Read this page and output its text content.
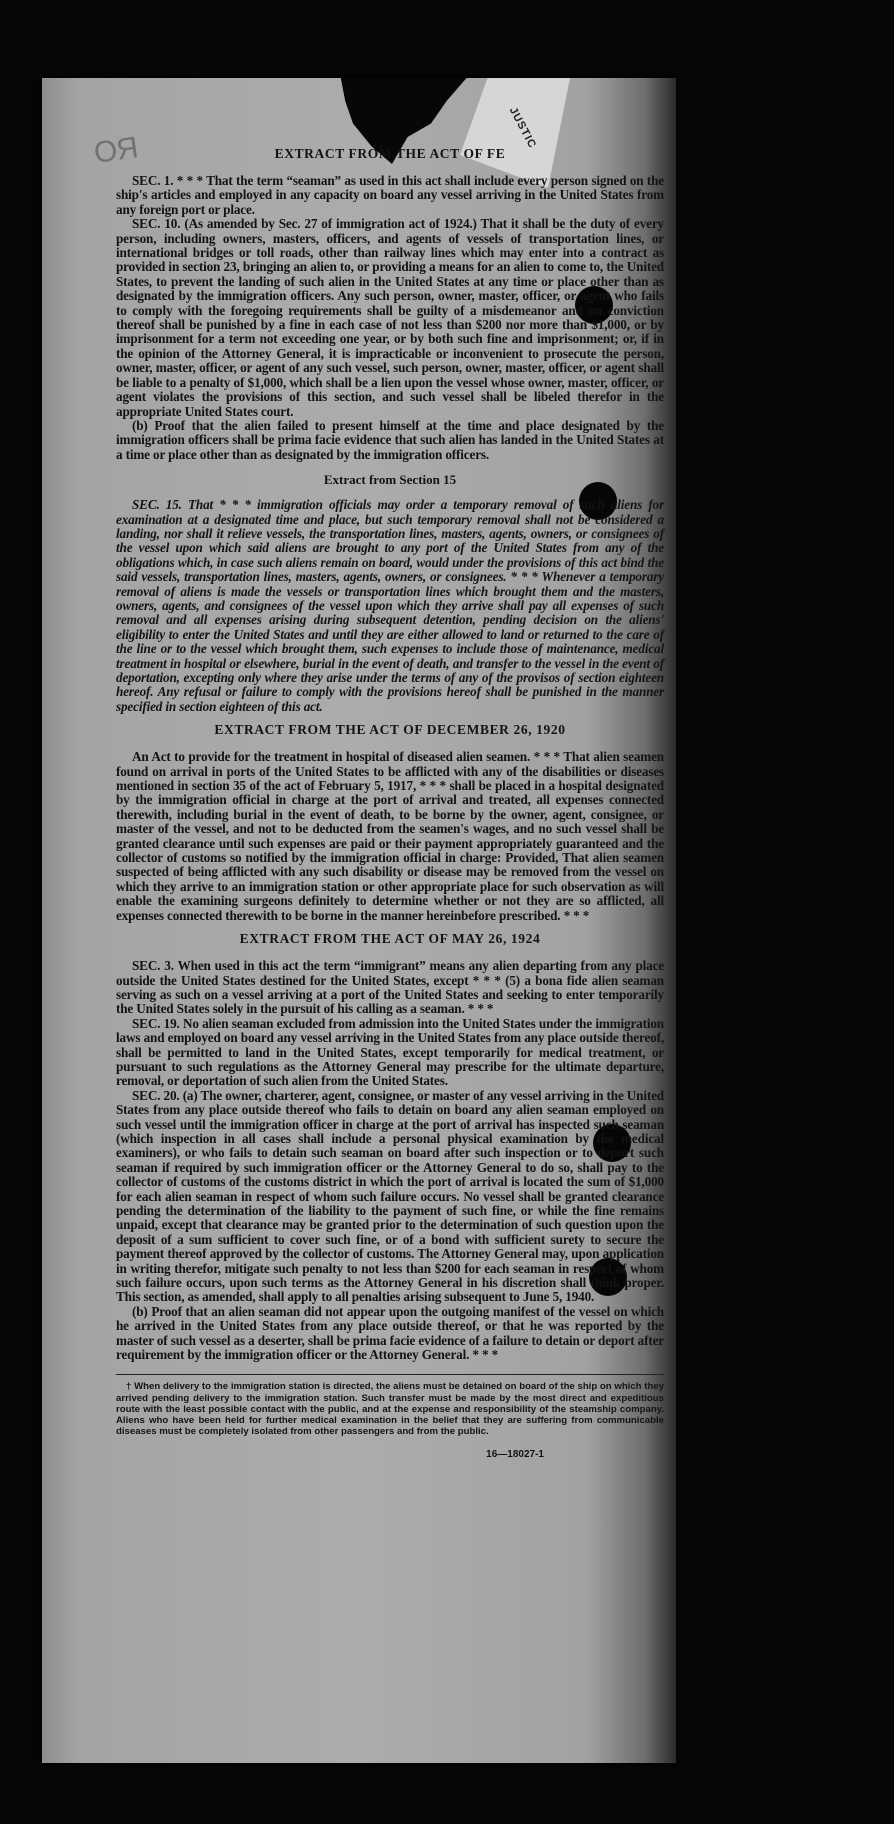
JUSTIC
ОЯ	EXTRACT FROM THE ACT OF FE

SEC. 1. * * * That the term “seaman” as used in this act shall include every person signed on the ship's articles and employed in any capacity on board any vessel arriving in the United States from any foreign port or place.

SEC. 10. (As amended by Sec. 27 of immigration act of 1924.) That it shall be the duty of every person, including owners, masters, officers, and agents of vessels of transportation lines, or international bridges or toll roads, other than railway lines which may enter into a contract as provided in section 23, bringing an alien to, or providing a means for an alien to come to, the United States, to prevent the landing of such alien in the United States at any time or place other than as designated by the immigration officers. Any such person, owner, master, officer, or agent who fails to comply with the foregoing requirements shall be guilty of a misdemeanor and on conviction thereof shall be punished by a fine in each case of not less than $200 nor more than $1,000, or by imprisonment for a term not exceeding one year, or by both such fine and imprisonment; or, if in the opinion of the Attorney General, it is impracticable or inconvenient to prosecute the person, owner, master, officer, or agent of any such vessel, such person, owner, master, officer, or agent shall be liable to a penalty of $1,000, which shall be a lien upon the vessel whose owner, master, officer, or agent violates the provisions of this section, and such vessel shall be libeled therefor in the appropriate United States court.

(b) Proof that the alien failed to present himself at the time and place designated by the immigration officers shall be prima facie evidence that such alien has landed in the United States at a time or place other than as designated by the immigration officers.

Extract from Section 15

SEC. 15. That * * * immigration officials may order a temporary removal of such aliens for examination at a designated time and place, but such temporary removal shall not be considered a landing, nor shall it relieve vessels, the transportation lines, masters, agents, owners, or consignees of the vessel upon which said aliens are brought to any port of the United States from any of the obligations which, in case such aliens remain on board, would under the provisions of this act bind the said vessels, transportation lines, masters, agents, owners, or consignees. * * * Whenever a temporary removal of aliens is made the vessels or transportation lines which brought them and the masters, owners, agents, and consignees of the vessel upon which they arrive shall pay all expenses of such removal and all expenses arising during subsequent detention, pending decision on the aliens' eligibility to enter the United States and until they are either allowed to land or returned to the care of the line or to the vessel which brought them, such expenses to include those of maintenance, medical treatment in hospital or elsewhere, burial in the event of death, and transfer to the vessel in the event of deportation, excepting only where they arise under the terms of any of the provisos of section eighteen hereof. Any refusal or failure to comply with the provisions hereof shall be punished in the manner specified in section eighteen of this act.

EXTRACT FROM THE ACT OF DECEMBER 26, 1920

An Act to provide for the treatment in hospital of diseased alien seamen. * * * That alien seamen found on arrival in ports of the United States to be afflicted with any of the disabilities or diseases mentioned in section 35 of the act of February 5, 1917, * * * shall be placed in a hospital designated by the immigration official in charge at the port of arrival and treated, all expenses connected therewith, including burial in the event of death, to be borne by the owner, agent, consignee, or master of the vessel, and not to be deducted from the seamen's wages, and no such vessel shall be granted clearance until such expenses are paid or their payment appropriately guaranteed and the collector of customs so notified by the immigration official in charge: Provided, That alien seamen suspected of being afflicted with any such disability or disease may be removed from the vessel on which they arrive to an immigration station or other appropriate place for such observation as will enable the examining surgeons definitely to determine whether or not they are so afflicted, all expenses connected therewith to be borne in the manner hereinbefore prescribed. * * *

EXTRACT FROM THE ACT OF MAY 26, 1924

SEC. 3. When used in this act the term “immigrant” means any alien departing from any place outside the United States destined for the United States, except * * * (5) a bona fide alien seaman serving as such on a vessel arriving at a port of the United States and seeking to enter temporarily the United States solely in the pursuit of his calling as a seaman. * * *

SEC. 19. No alien seaman excluded from admission into the United States under the immigration laws and employed on board any vessel arriving in the United States from any place outside thereof, shall be permitted to land in the United States, except temporarily for medical treatment, or pursuant to such regulations as the Attorney General may prescribe for the ultimate departure, removal, or deportation of such alien from the United States.

SEC. 20. (a) The owner, charterer, agent, consignee, or master of any vessel arriving in the United States from any place outside thereof who fails to detain on board any alien seaman employed on such vessel until the immigration officer in charge at the port of arrival has inspected such seaman (which inspection in all cases shall include a personal physical examination by the medical examiners), or who fails to detain such seaman on board after such inspection or to deport such seaman if required by such immigration officer or the Attorney General to do so, shall pay to the collector of customs of the customs district in which the port of arrival is located the sum of $1,000 for each alien seaman in respect of whom such failure occurs. No vessel shall be granted clearance pending the determination of the liability to the payment of such fine, or while the fine remains unpaid, except that clearance may be granted prior to the determination of such question upon the deposit of a sum sufficient to cover such fine, or of a bond with sufficient surety to secure the payment thereof approved by the collector of customs. The Attorney General may, upon application in writing therefor, mitigate such penalty to not less than $200 for each seaman in respect of whom such failure occurs, upon such terms as the Attorney General in his discretion shall think proper. This section, as amended, shall apply to all penalties arising subsequent to June 5, 1940.

(b) Proof that an alien seaman did not appear upon the outgoing manifest of the vessel on which he arrived in the United States from any place outside thereof, or that he was reported by the master of such vessel as a deserter, shall be prima facie evidence of a failure to detain or deport after requirement by the immigration officer or the Attorney General. * * *

† When delivery to the immigration station is directed, the aliens must be detained on board of the ship on which they arrived pending delivery to the immigration station. Such transfer must be made by the most direct and expeditious route with the least possible contact with the public, and at the expense and responsibility of the steamship company. Aliens who have been held for further medical examination in the belief that they are suffering from communicable diseases must be completely isolated from other passengers and from the public.

16—18027-1
